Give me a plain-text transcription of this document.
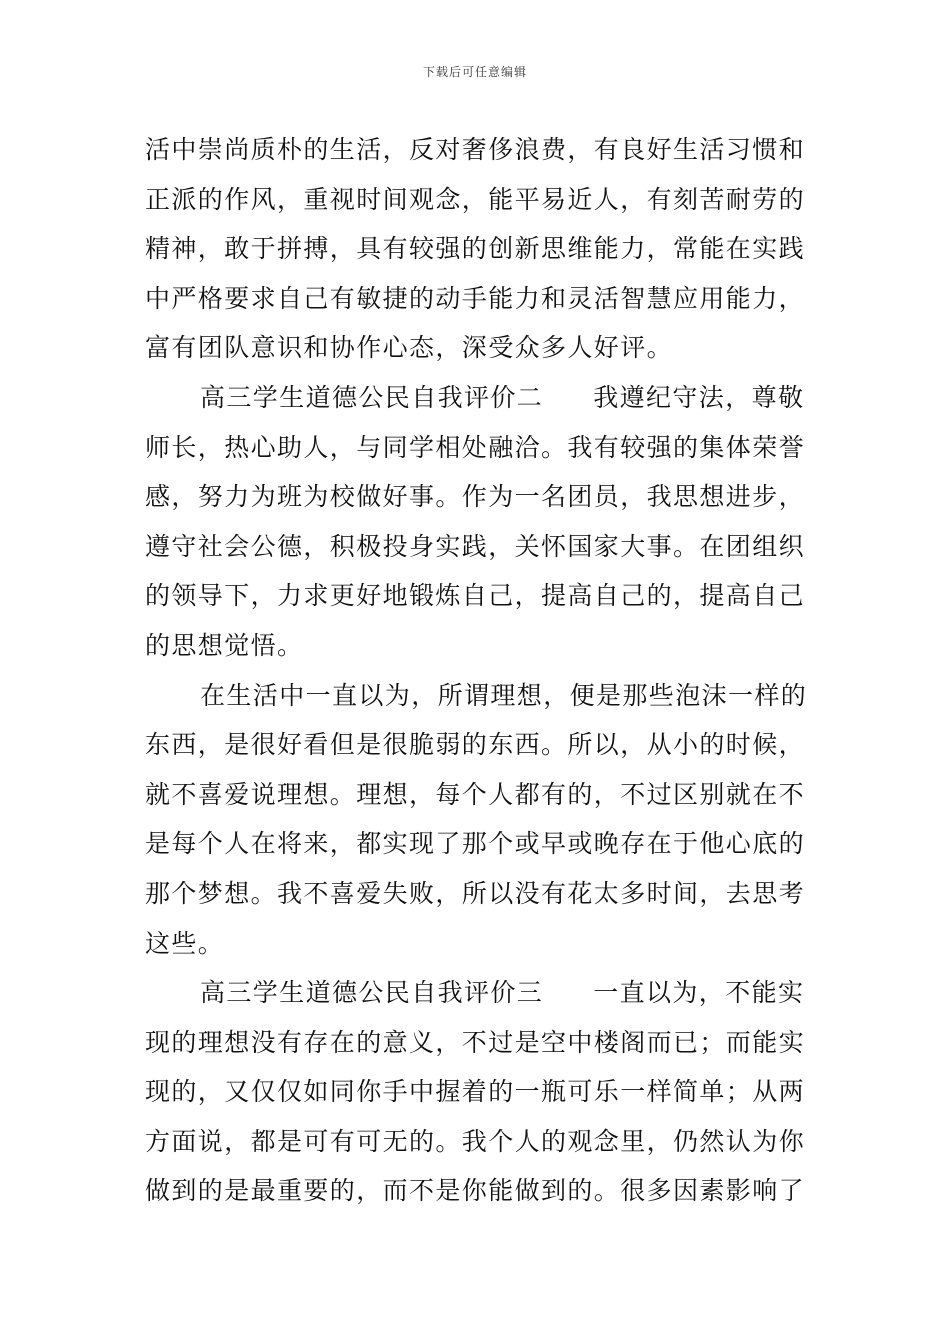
下载后可任意编辑
活中崇尚质朴的生活，反对奢侈浪费，有良好生活习惯和
正派的作风，重视时间观念，能平易近人，有刻苦耐劳的
精神，敢于拼搏，具有较强的创新思维能力，常能在实践
中严格要求自己有敏捷的动手能力和灵活智慧应用能力，
富有团队意识和协作心态，深受众多人好评。
高三学生道德公民自我评价二 我遵纪守法，尊敬
师长，热心助人，与同学相处融洽。我有较强的集体荣誉
感，努力为班为校做好事。作为一名团员，我思想进步，
遵守社会公德，积极投身实践，关怀国家大事。在团组织
的领导下，力求更好地锻炼自己，提高自己的，提高自己
的思想觉悟。
在生活中一直以为，所谓理想，便是那些泡沫一样的
东西，是很好看但是很脆弱的东西。所以，从小的时候，
就不喜爱说理想。理想，每个人都有的，不过区别就在不
是每个人在将来，都实现了那个或早或晚存在于他心底的
那个梦想。我不喜爱失败，所以没有花太多时间，去思考
这些。
高三学生道德公民自我评价三 一直以为，不能实
现的理想没有存在的意义，不过是空中楼阁而已；而能实
现的，又仅仅如同你手中握着的一瓶可乐一样简单；从两
方面说，都是可有可无的。我个人的观念里，仍然认为你
做到的是最重要的，而不是你能做到的。很多因素影响了
